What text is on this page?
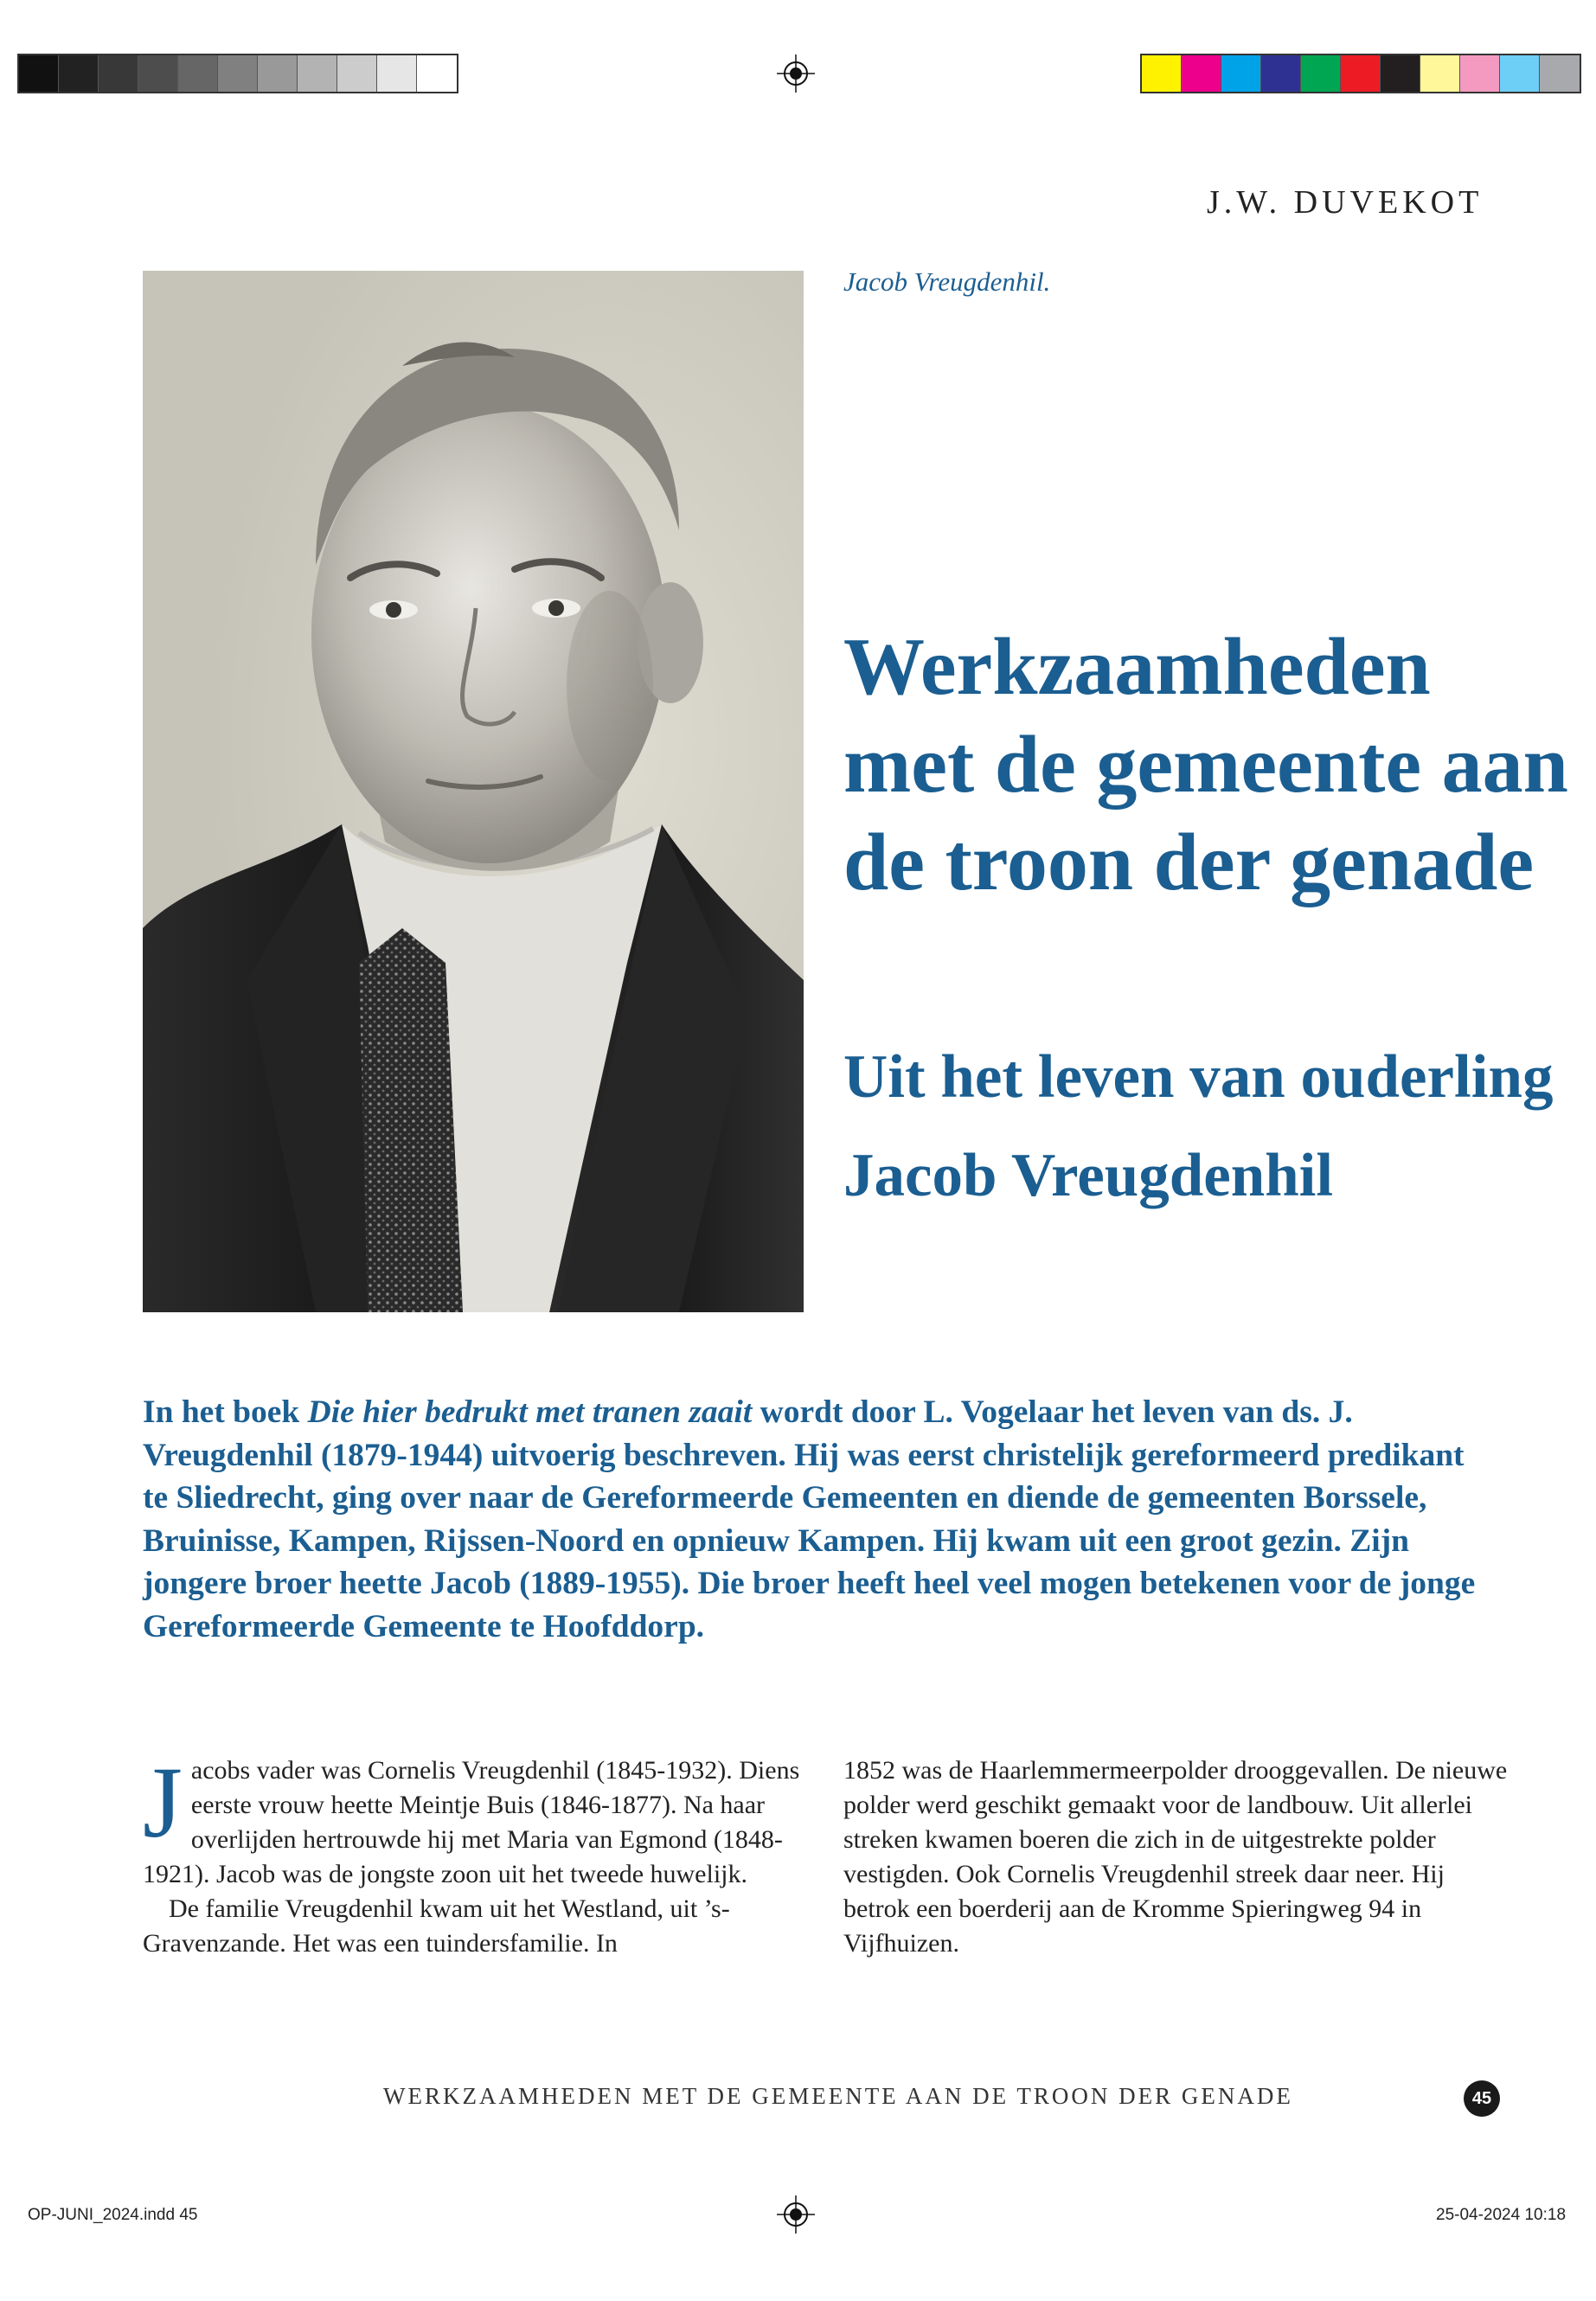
J.W. DUVEKOT
Jacob Vreugdenhil.
Werkzaamheden met de gemeente aan de troon der genade
Uit het leven van ouderling Jacob Vreugdenhil

In het boek Die hier bedrukt met tranen zaait wordt door L. Vogelaar het leven van ds. J. Vreugdenhil (1879-1944) uitvoerig beschreven. Hij was eerst christelijk gereformeerd predikant te Sliedrecht, ging over naar de Gereformeerde Gemeenten en diende de gemeenten Borssele, Bruinisse, Kampen, Rijssen-Noord en opnieuw Kampen. Hij kwam uit een groot gezin. Zijn jongere broer heette Jacob (1889-1955). Die broer heeft heel veel mogen betekenen voor de jonge Gereformeerde Gemeente te Hoofddorp.

Jacobs vader was Cornelis Vreugdenhil (1845-1932). Diens eerste vrouw heette Meintje Buis (1846-1877). Na haar overlijden hertrouwde hij met Maria van Egmond (1848-1921). Jacob was de jongste zoon uit het tweede huwelijk.

De familie Vreugdenhil kwam uit het Westland, uit ’s-Gravenzande. Het was een tuindersfamilie. In

1852 was de Haarlemmermeerpolder drooggevallen. De nieuwe polder werd geschikt gemaakt voor de landbouw. Uit allerlei streken kwamen boeren die zich in de uitgestrekte polder vestigden. Ook Cornelis Vreugdenhil streek daar neer. Hij betrok een boerderij aan de Kromme Spieringweg 94 in Vijfhuizen.

WERKZAAMHEDEN MET DE GEMEENTE AAN DE TROON DER GENADE	45
OP-JUNI_2024.indd 45	25-04-2024 10:18
